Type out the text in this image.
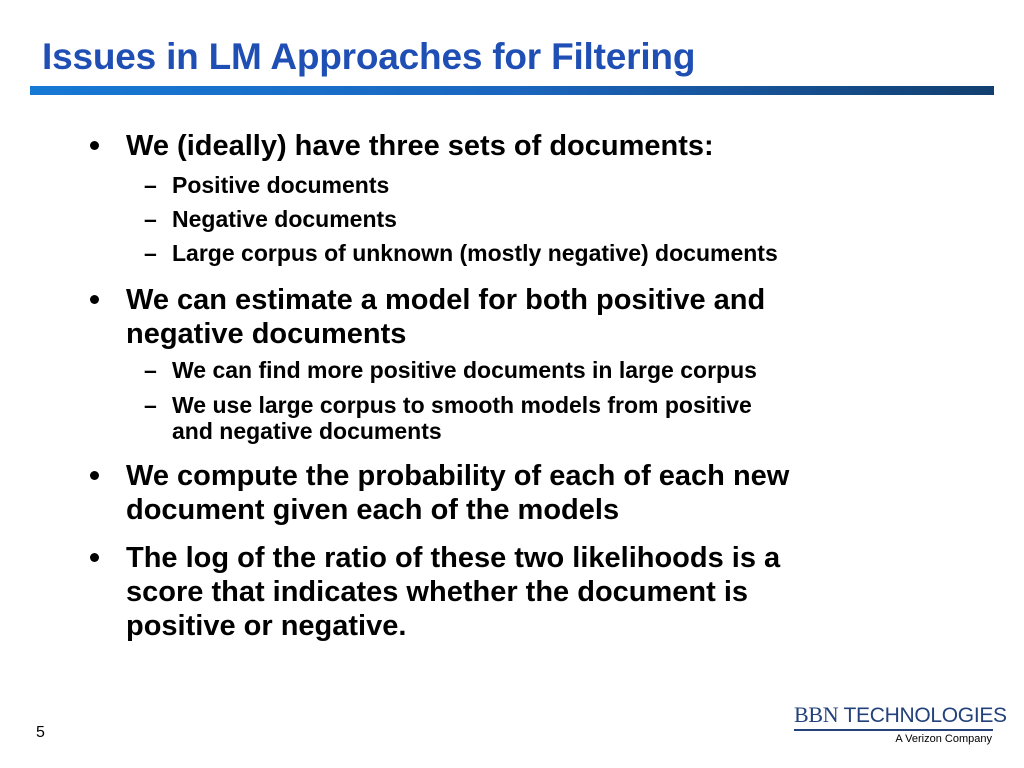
Issues in LM Approaches for Filtering
We (ideally) have three sets of documents:
– Positive documents
– Negative documents
– Large corpus of unknown (mostly negative) documents
We can estimate a model for both positive and
negative documents
– We can find more positive documents in large corpus
– We use large corpus to smooth models from positive
and negative documents
We compute the probability of each of each new
document given each of the models
The log of the ratio of these two likelihoods is a
score that indicates whether the document is
positive or negative.
5
BBN TECHNOLOGIES
A Verizon Company
